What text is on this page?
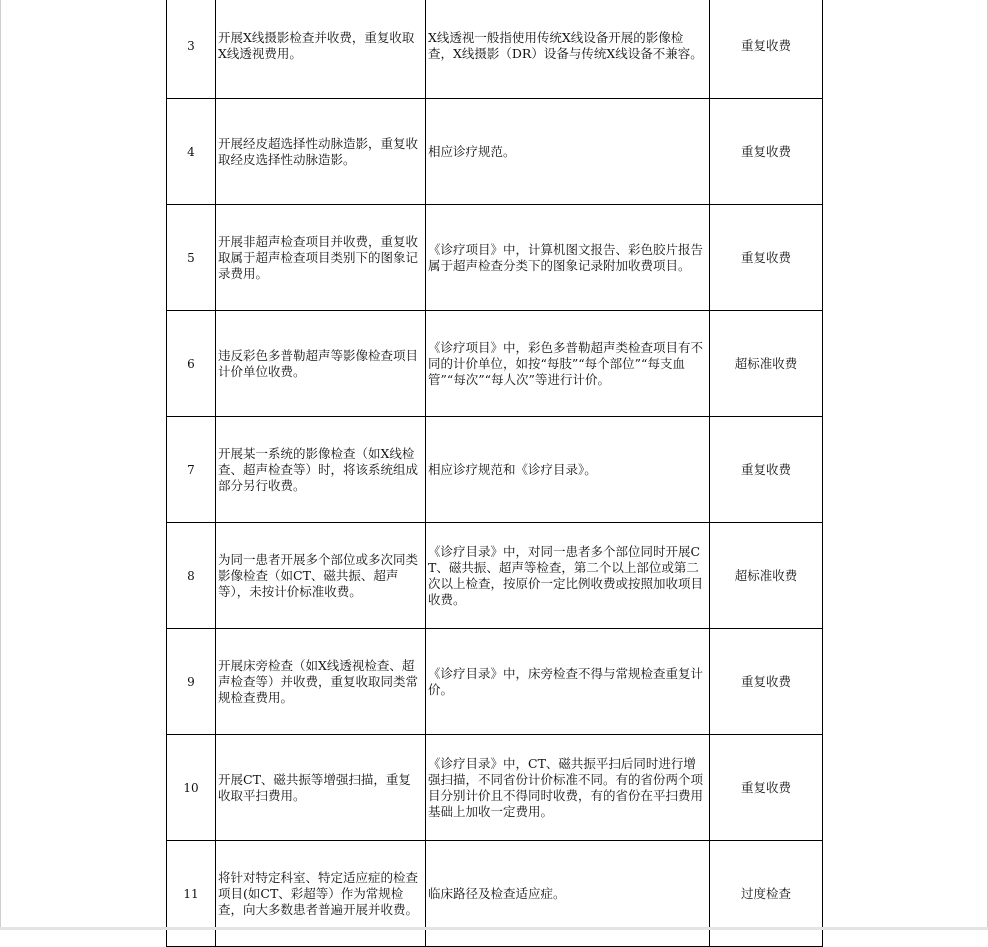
3	开展X线摄影检查并收费，重复收取X线透视费用。	X线透视一般指使用传统X线设备开展的影像检查，X线摄影（DR）设备与传统X线设备不兼容。	重复收费
4	开展经皮超选择性动脉造影，重复收取经皮选择性动脉造影。	相应诊疗规范。	重复收费
5	开展非超声检查项目并收费，重复收取属于超声检查项目类别下的图象记录费用。	《诊疗项目》中，计算机图文报告、彩色胶片报告属于超声检查分类下的图象记录附加收费项目。	重复收费
6	违反彩色多普勒超声等影像检查项目计价单位收费。	《诊疗项目》中，彩色多普勒超声类检查项目有不同的计价单位，如按“每肢”“每个部位”“每支血管”“每次”“每人次”等进行计价。	超标准收费
7	开展某一系统的影像检查（如X线检查、超声检查等）时，将该系统组成部分另行收费。	相应诊疗规范和《诊疗目录》。	重复收费
8	为同一患者开展多个部位或多次同类影像检查（如CT、磁共振、超声等），未按计价标准收费。	《诊疗目录》中，对同一患者多个部位同时开展CT、磁共振、超声等检查，第二个以上部位或第二次以上检查，按原价一定比例收费或按照加收项目收费。	超标准收费
9	开展床旁检查（如X线透视检查、超声检查等）并收费，重复收取同类常规检查费用。	《诊疗目录》中，床旁检查不得与常规检查重复计价。	重复收费
10	开展CT、磁共振等增强扫描，重复收取平扫费用。	《诊疗目录》中，CT、磁共振平扫后同时进行增强扫描，不同省份计价标准不同。有的省份两个项目分别计价且不得同时收费，有的省份在平扫费用基础上加收一定费用。	重复收费
11	将针对特定科室、特定适应症的检查项目(如CT、彩超等）作为常规检查，向大多数患者普遍开展并收费。	临床路径及检查适应症。	过度检查
